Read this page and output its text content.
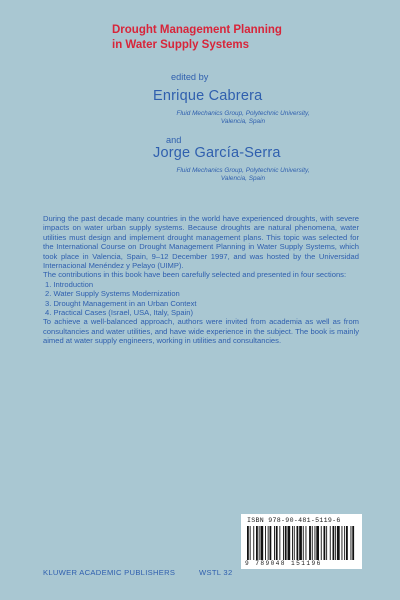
Drought Management Planning
in Water Supply Systems
edited by
Enrique Cabrera
Fluid Mechanics Group, Polytechnic University,
Valencia, Spain
and
Jorge García-Serra
Fluid Mechanics Group, Polytechnic University,
Valencia, Spain

During the past decade many countries in the world have experienced droughts, with severe impacts on water urban supply systems. Because droughts are natural phenomena, water utilities must design and implement drought management plans. This topic was selected for the International Course on Drought Management Planning in Water Supply Systems, which took place in Valencia, Spain, 9–12 December 1997, and was hosted by the Universidad Internacional Menéndez y Pelayo (UIMP).

The contributions in this book have been carefully selected and presented in four sections:

1. Introduction
2. Water Supply Systems Modernization
3. Drought Management in an Urban Context
4. Practical Cases (Israel, USA, Italy, Spain)

To achieve a well-balanced approach, authors were invited from academia as well as from consultancies and water utilities, and have wide experience in the subject. The book is mainly aimed at water supply engineers, working in utilities and consultancies.

ISBN 978-90-481-5119-6
9 789048 151196
KLUWER ACADEMIC PUBLISHERS	WSTL 32
